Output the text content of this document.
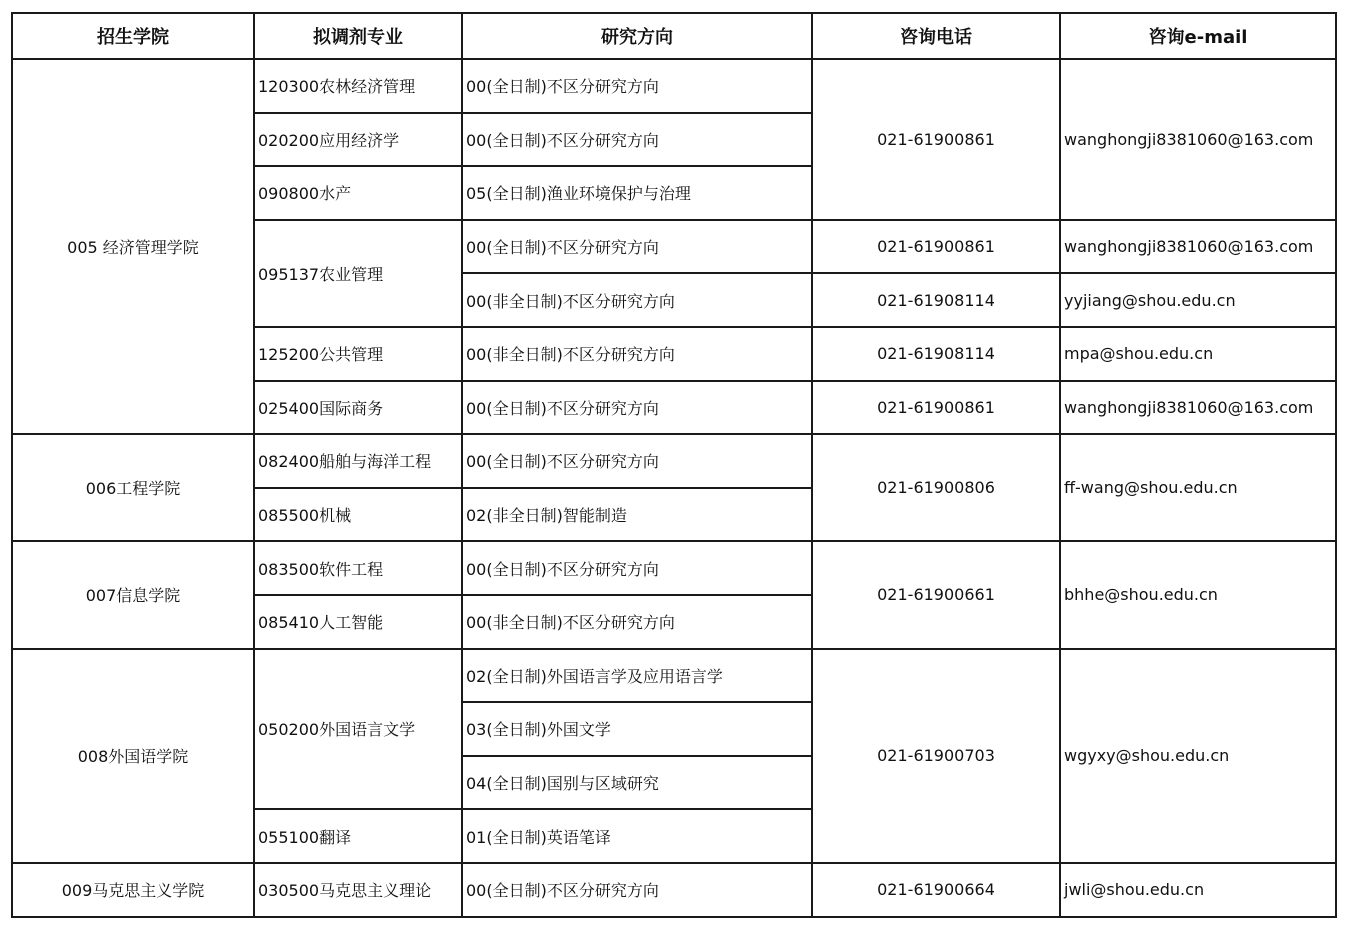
招生学院	拟调剂专业	研究方向	咨询电话	咨询e-mail
005 经济管理学院	120300农林经济管理	00(全日制)不区分研究方向	021-61900861	wanghongji8381060@163.com
	020200应用经济学	00(全日制)不区分研究方向		
	090800水产	05(全日制)渔业环境保护与治理		
	095137农业管理	00(全日制)不区分研究方向	021-61900861	wanghongji8381060@163.com
		00(非全日制)不区分研究方向	021-61908114	yyjiang@shou.edu.cn
	125200公共管理	00(非全日制)不区分研究方向	021-61908114	mpa@shou.edu.cn
	025400国际商务	00(全日制)不区分研究方向	021-61900861	wanghongji8381060@163.com
006工程学院	082400船舶与海洋工程	00(全日制)不区分研究方向	021-61900806	ff-wang@shou.edu.cn
	085500机械	02(非全日制)智能制造		
007信息学院	083500软件工程	00(全日制)不区分研究方向	021-61900661	bhhe@shou.edu.cn
	085410人工智能	00(非全日制)不区分研究方向		
008外国语学院	050200外国语言文学	02(全日制)外国语言学及应用语言学	021-61900703	wgyxy@shou.edu.cn
		03(全日制)外国文学		
		04(全日制)国别与区域研究		
	055100翻译	01(全日制)英语笔译		
009马克思主义学院	030500马克思主义理论	00(全日制)不区分研究方向	021-61900664	jwli@shou.edu.cn
